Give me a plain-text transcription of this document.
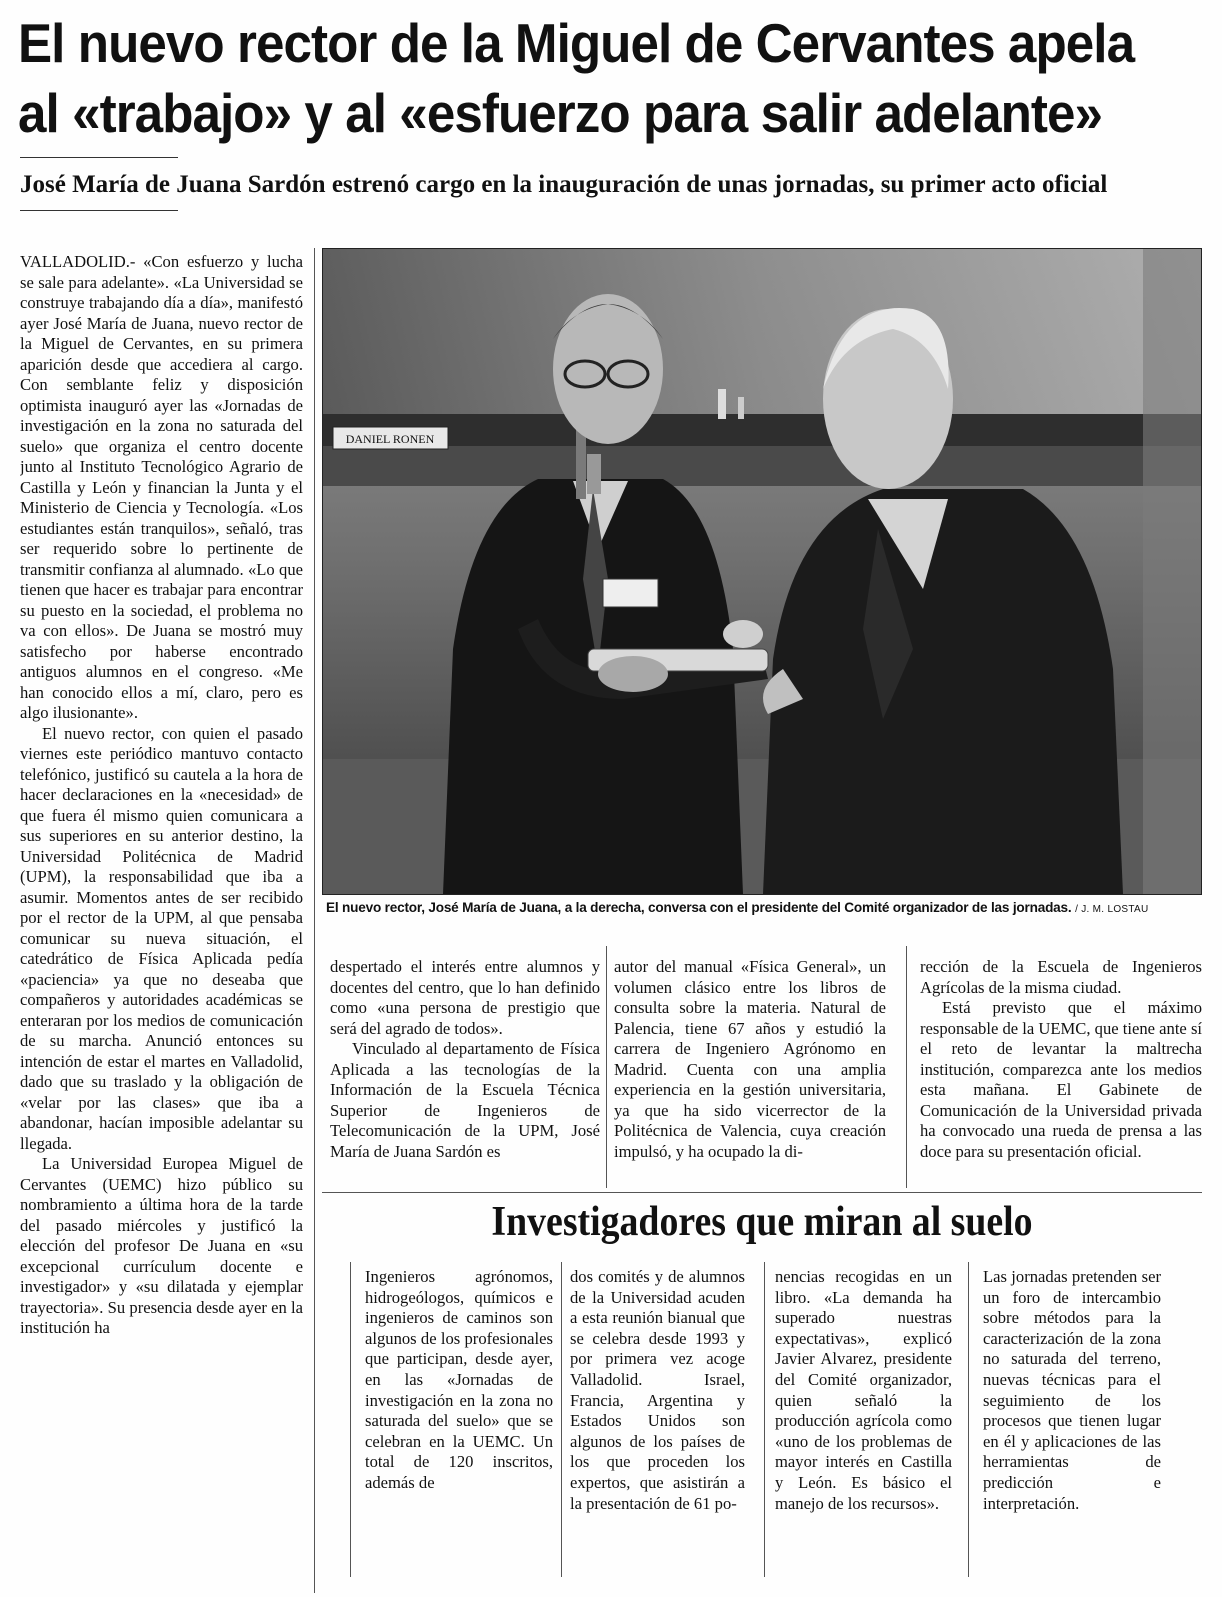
El nuevo rector de la Miguel de Cervantes apela
al «trabajo» y al «esfuerzo para salir adelante»
José María de Juana Sardón estrenó cargo en la inauguración de unas jornadas, su primer acto oficial

VALLADOLID.- «Con esfuerzo y lucha se sale para adelante». «La Universidad se construye trabajando día a día», manifestó ayer José María de Juana, nuevo rector de la Miguel de Cervantes, en su primera aparición desde que accediera al cargo. Con semblante feliz y disposición optimista inauguró ayer las «Jornadas de investigación en la zona no saturada del suelo» que organiza el centro docente junto al Instituto Tecnológico Agrario de Castilla y León y financian la Junta y el Ministerio de Ciencia y Tecnología. «Los estudiantes están tranquilos», señaló, tras ser requerido sobre lo pertinente de transmitir confianza al alumnado. «Lo que tienen que hacer es trabajar para encontrar su puesto en la sociedad, el problema no va con ellos». De Juana se mostró muy satisfecho por haberse encontrado antiguos alumnos en el congreso. «Me han conocido ellos a mí, claro, pero es algo ilusionante».

El nuevo rector, con quien el pasado viernes este periódico mantuvo contacto telefónico, justificó su cautela a la hora de hacer declaraciones en la «necesidad» de que fuera él mismo quien comunicara a sus superiores en su anterior destino, la Universidad Politécnica de Madrid (UPM), la responsabilidad que iba a asumir. Momentos antes de ser recibido por el rector de la UPM, al que pensaba comunicar su nueva situación, el catedrático de Física Aplicada pedía «paciencia» ya que no deseaba que compañeros y autoridades académicas se enteraran por los medios de comunicación de su marcha. Anunció entonces su intención de estar el martes en Valladolid, dado que su traslado y la obligación de «velar por las clases» que iba a abandonar, hacían imposible adelantar su llegada.

La Universidad Europea Miguel de Cervantes (UEMC) hizo público su nombramiento a última hora de la tarde del pasado miércoles y justificó la elección del profesor De Juana en «su excepcional currículum docente e investigador» y «su dilatada y ejemplar trayectoria». Su presencia desde ayer en la institución ha

DANIEL RONEN
El nuevo rector, José María de Juana, a la derecha, conversa con el presidente del Comité organizador de las jornadas. / J. M. LOSTAU

despertado el interés entre alumnos y docentes del centro, que lo han definido como «una persona de prestigio que será del agrado de todos».

Vinculado al departamento de Física Aplicada a las tecnologías de la Información de la Escuela Técnica Superior de Ingenieros de Telecomunicación de la UPM, José María de Juana Sardón es

autor del manual «Física General», un volumen clásico entre los libros de consulta sobre la materia. Natural de Palencia, tiene 67 años y estudió la carrera de Ingeniero Agrónomo en Madrid. Cuenta con una amplia experiencia en la gestión universitaria, ya que ha sido vicerrector de la Politécnica de Valencia, cuya creación impulsó, y ha ocupado la di-

rección de la Escuela de Ingenieros Agrícolas de la misma ciudad.

Está previsto que el máximo responsable de la UEMC, que tiene ante sí el reto de levantar la maltrecha institución, comparezca ante los medios esta mañana. El Gabinete de Comunicación de la Universidad privada ha convocado una rueda de prensa a las doce para su presentación oficial.

Investigadores que miran al suelo

Ingenieros agrónomos, hidrogeólogos, químicos e ingenieros de caminos son algunos de los profesionales que participan, desde ayer, en las «Jornadas de investigación en la zona no saturada del suelo» que se celebran en la UEMC. Un total de 120 inscritos, además de

dos comités y de alumnos de la Universidad acuden a esta reunión bianual que se celebra desde 1993 y por primera vez acoge Valladolid. Israel, Francia, Argentina y Estados Unidos son algunos de los países de los que proceden los expertos, que asistirán a la presentación de 61 po-

nencias recogidas en un libro. «La demanda ha superado nuestras expectativas», explicó Javier Alvarez, presidente del Comité organizador, quien señaló la producción agrícola como «uno de los problemas de mayor interés en Castilla y León. Es básico el manejo de los recursos».

Las jornadas pretenden ser un foro de intercambio sobre métodos para la caracterización de la zona no saturada del terreno, nuevas técnicas para el seguimiento de los procesos que tienen lugar en él y aplicaciones de las herramientas de predicción e interpretación.
